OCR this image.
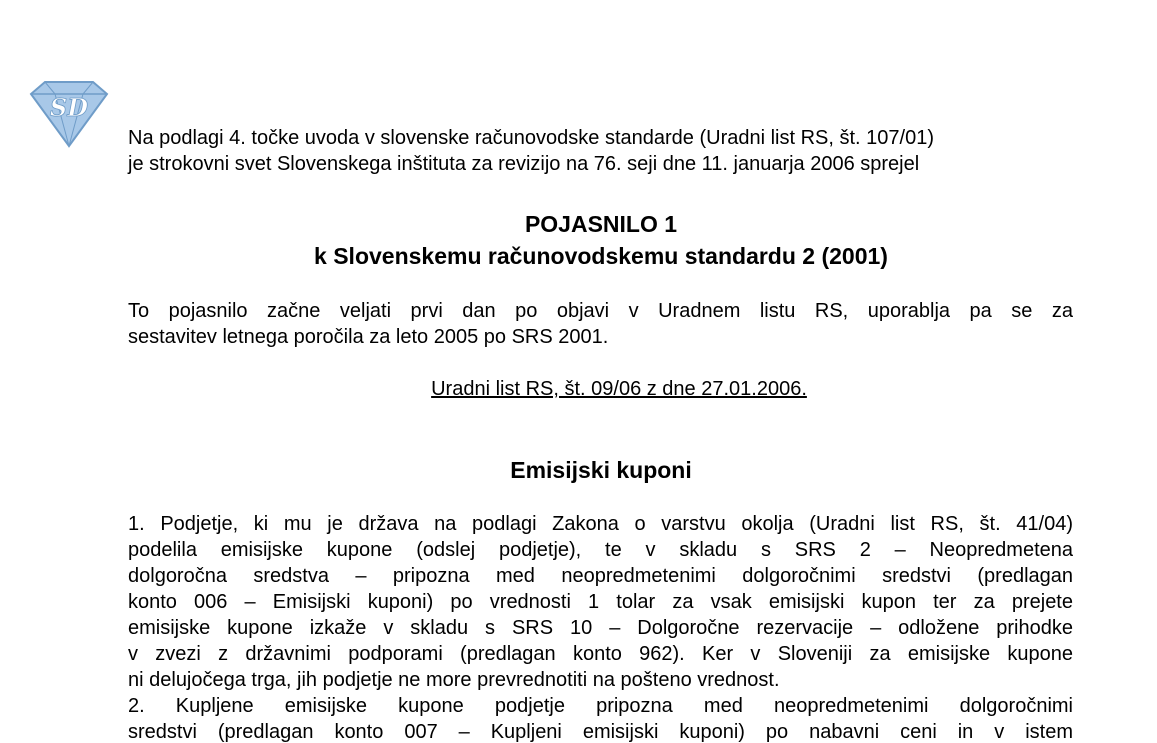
SD

Na podlagi 4. točke uvoda v slovenske računovodske standarde (Uradni list RS, št. 107/01)
je strokovni svet Slovenskega inštituta za revizijo na 76. seji dne 11. januarja 2006 sprejel

POJASNILO 1
k Slovenskemu računovodskemu standardu 2 (2001)

To pojasnilo začne veljati prvi dan po objavi v Uradnem listu RS, uporablja pa se za
sestavitev letnega poročila za leto 2005 po SRS 2001.

Uradni list RS, št. 09/06 z dne 27.01.2006.

Emisijski kuponi

1. Podjetje, ki mu je država na podlagi Zakona o varstvu okolja (Uradni list RS, št. 41/04)
podelila emisijske kupone (odslej podjetje), te v skladu s SRS 2 – Neopredmetena
dolgoročna sredstva – pripozna med neopredmetenimi dolgoročnimi sredstvi (predlagan
konto 006 – Emisijski kuponi) po vrednosti 1 tolar za vsak emisijski kupon ter za prejete
emisijske kupone izkaže v skladu s SRS 10 – Dolgoročne rezervacije – odložene prihodke
v zvezi z državnimi podporami (predlagan konto 962). Ker v Sloveniji za emisijske kupone
ni delujočega trga, jih podjetje ne more prevrednotiti na pošteno vrednost.
2. Kupljene emisijske kupone podjetje pripozna med neopredmetenimi dolgoročnimi
sredstvi (predlagan konto 007 – Kupljeni emisijski kuponi) po nabavni ceni in v istem
